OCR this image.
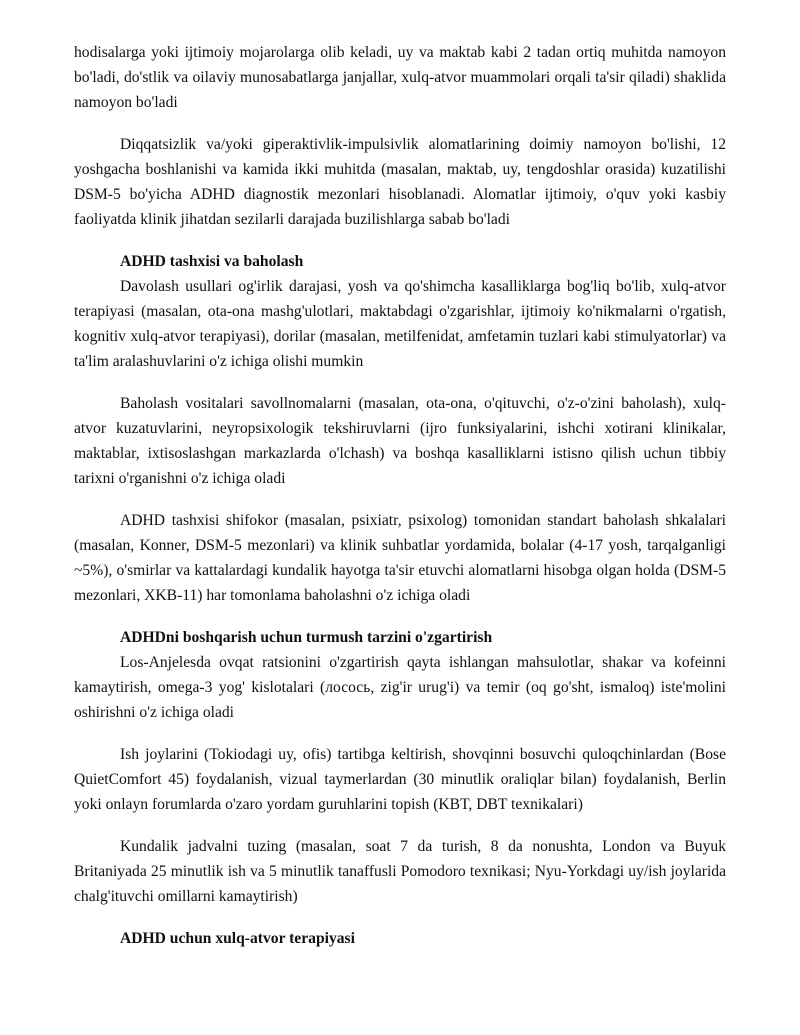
hodisalarga yoki ijtimoiy mojarolarga olib keladi, uy va maktab kabi 2 tadan ortiq muhitda namoyon bo'ladi, do'stlik va oilaviy munosabatlarga janjallar, xulq-atvor muammolari orqali ta'sir qiladi) shaklida namoyon bo'ladi

Diqqatsizlik va/yoki giperaktivlik-impulsivlik alomatlarining doimiy namoyon bo'lishi, 12 yoshgacha boshlanishi va kamida ikki muhitda (masalan, maktab, uy, tengdoshlar orasida) kuzatilishi DSM-5 bo'yicha ADHD diagnostik mezonlari hisoblanadi. Alomatlar ijtimoiy, o'quv yoki kasbiy faoliyatda klinik jihatdan sezilarli darajada buzilishlarga sabab bo'ladi

ADHD tashxisi va baholash

Davolash usullari og'irlik darajasi, yosh va qo'shimcha kasalliklarga bog'liq bo'lib, xulq-atvor terapiyasi (masalan, ota-ona mashg'ulotlari, maktabdagi o'zgarishlar, ijtimoiy ko'nikmalarni o'rgatish, kognitiv xulq-atvor terapiyasi), dorilar (masalan, metilfenidat, amfetamin tuzlari kabi stimulyatorlar) va ta'lim aralashuvlarini o'z ichiga olishi mumkin

Baholash vositalari savollnomalarni (masalan, ota-ona, o'qituvchi, o'z-o'zini baholash), xulq-atvor kuzatuvlarini, neyropsixologik tekshiruvlarni (ijro funksiyalarini, ishchi xotirani klinikalar, maktablar, ixtisoslashgan markazlarda o'lchash) va boshqa kasalliklarni istisno qilish uchun tibbiy tarixni o'rganishni o'z ichiga oladi

ADHD tashxisi shifokor (masalan, psixiatr, psixolog) tomonidan standart baholash shkalalari (masalan, Konner, DSM-5 mezonlari) va klinik suhbatlar yordamida, bolalar (4-17 yosh, tarqalganligi ~5%), o'smirlar va kattalardagi kundalik hayotga ta'sir etuvchi alomatlarni hisobga olgan holda (DSM-5 mezonlari, XKB-11) har tomonlama baholashni o'z ichiga oladi

ADHDni boshqarish uchun turmush tarzini o'zgartirish

Los-Anjelesda ovqat ratsionini o'zgartirish qayta ishlangan mahsulotlar, shakar va kofeinni kamaytirish, omega-3 yog' kislotalari (лосось, zig'ir urug'i) va temir (oq go'sht, ismaloq) iste'molini oshirishni o'z ichiga oladi

Ish joylarini (Tokiodagi uy, ofis) tartibga keltirish, shovqinni bosuvchi quloqchinlardan (Bose QuietComfort 45) foydalanish, vizual taymerlardan (30 minutlik oraliqlar bilan) foydalanish, Berlin yoki onlayn forumlarda o'zaro yordam guruhlarini topish (KBT, DBT texnikalari)

Kundalik jadvalni tuzing (masalan, soat 7 da turish, 8 da nonushta, London va Buyuk Britaniyada 25 minutlik ish va 5 minutlik tanaffusli Pomodoro texnikasi; Nyu-Yorkdagi uy/ish joylarida chalg'ituvchi omillarni kamaytirish)

ADHD uchun xulq-atvor terapiyasi
